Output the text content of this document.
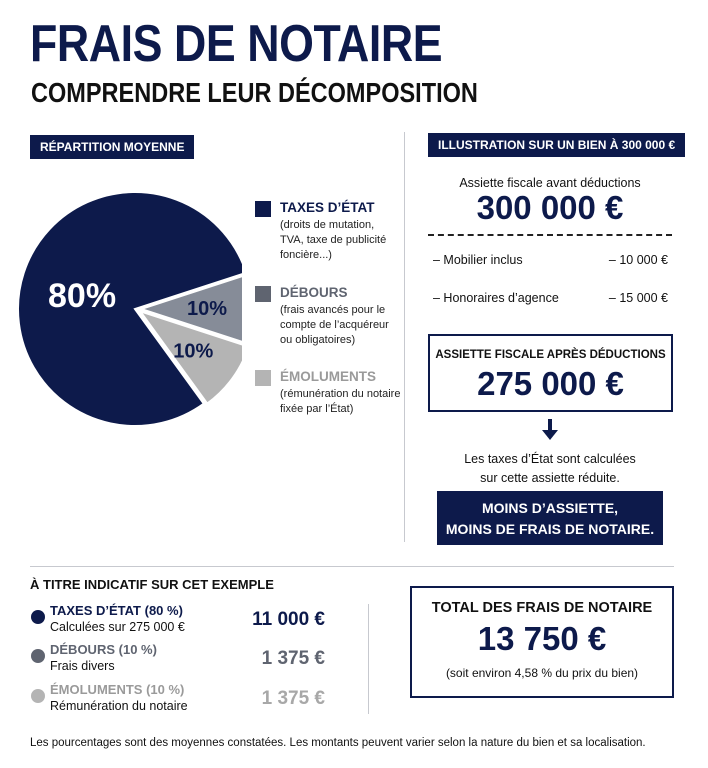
FRAIS DE NOTAIRE
COMPRENDRE LEUR DÉCOMPOSITION
RÉPARTITION MOYENNE
80%	10%
10%
TAXES D’ÉTAT
(droits de mutation,
TVA, taxe de publicité
foncière...)
DÉBOURS
(frais avancés pour le
compte de l’acquéreur
ou obligatoires)
ÉMOLUMENTS
(rémunération du notaire
fixée par l’État)
ILLUSTRATION SUR UN BIEN À 300 000 €
Assiette fiscale avant déductions
300 000 €
– Mobilier inclus	– 10 000 €
– Honoraires d’agence	– 15 000 €
ASSIETTE FISCALE APRÈS DÉDUCTIONS
275 000 €
Les taxes d’État sont calculées
sur cette assiette réduite.
MOINS D’ASSIETTE,
MOINS DE FRAIS DE NOTAIRE.
À TITRE INDICATIF SUR CET EXEMPLE
TAXES D’ÉTAT (80 %)
Calculées sur 275 000 €	11 000 €
DÉBOURS (10 %)
Frais divers	1 375 €
ÉMOLUMENTS (10 %)
Rémunération du notaire	1 375 €
TOTAL DES FRAIS DE NOTAIRE
13 750 €
(soit environ 4,58 % du prix du bien)
Les pourcentages sont des moyennes constatées. Les montants peuvent varier selon la nature du bien et sa localisation.
